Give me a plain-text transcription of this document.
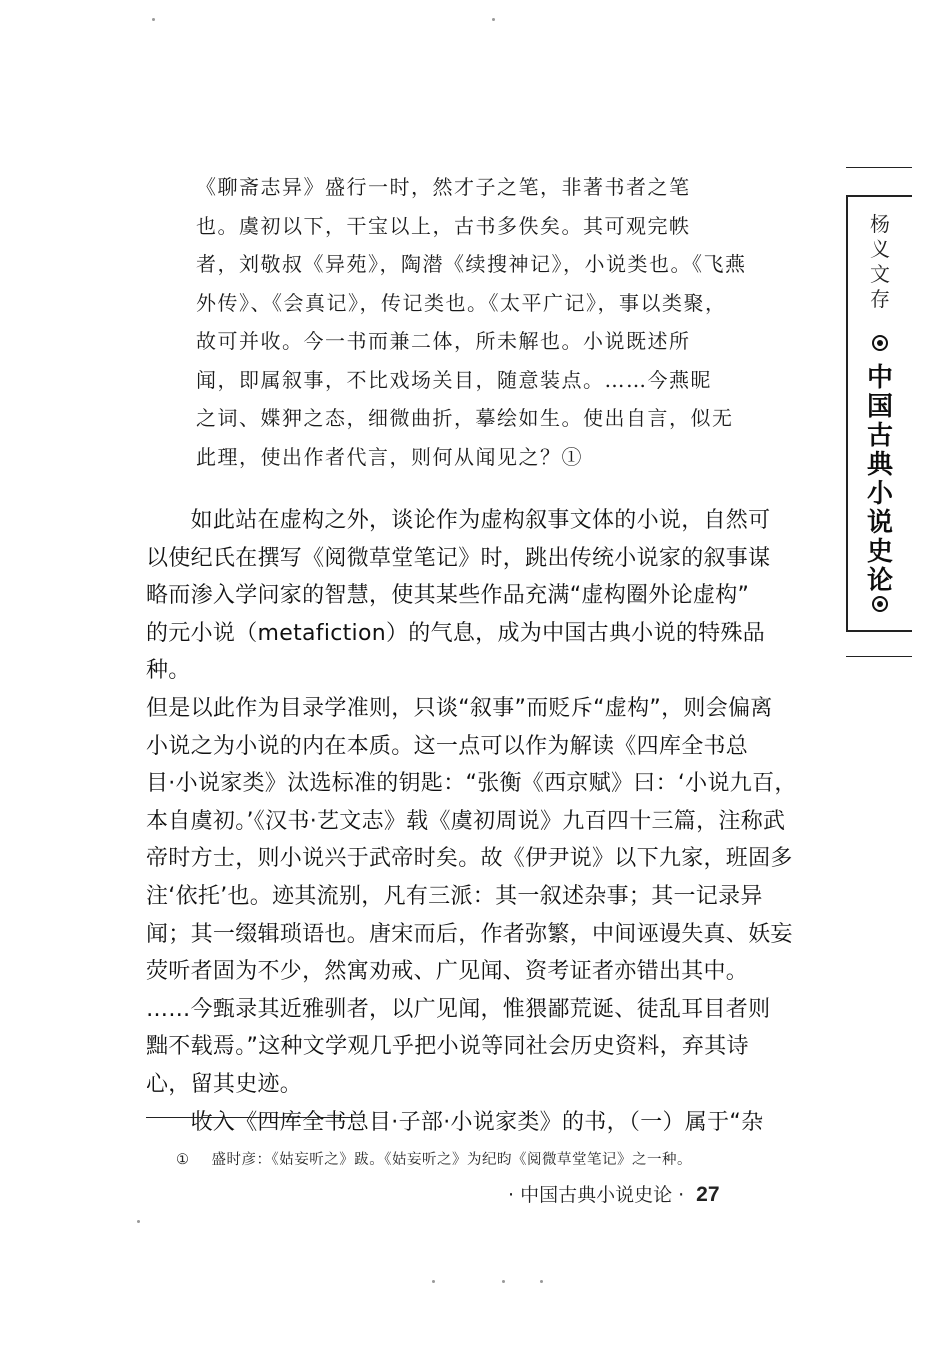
《聊斋志异》盛行一时，然才子之笔，非著书者之笔
也。虞初以下，干宝以上，古书多佚矣。其可观完帙
者，刘敬叔《异苑》，陶潜《续搜神记》，小说类也。《飞燕
外传》、《会真记》，传记类也。《太平广记》，事以类聚，
故可并收。今一书而兼二体，所未解也。小说既述所
闻，即属叙事，不比戏场关目，随意装点。……今燕昵
之词、媟狎之态，细微曲折，摹绘如生。使出自言，似无
此理，使出作者代言，则何从闻见之？①

　　如此站在虚构之外，谈论作为虚构叙事文体的小说，自然可
以使纪氏在撰写《阅微草堂笔记》时，跳出传统小说家的叙事谋
略而渗入学问家的智慧，使其某些作品充满“虚构圈外论虚构”
的元小说（metafiction）的气息，成为中国古典小说的特殊品种。
但是以此作为目录学准则，只谈“叙事”而贬斥“虚构”，则会偏离
小说之为小说的内在本质。这一点可以作为解读《四库全书总
目·小说家类》汰选标准的钥匙：“张衡《西京赋》曰：‘小说九百，
本自虞初。’《汉书·艺文志》载《虞初周说》九百四十三篇，注称武
帝时方士，则小说兴于武帝时矣。故《伊尹说》以下九家，班固多
注‘依托’也。迹其流别，凡有三派：其一叙述杂事；其一记录异
闻；其一缀辑琐语也。唐宋而后，作者弥繁，中间诬谩失真、妖妄
荧听者固为不少，然寓劝戒、广见闻、资考证者亦错出其中。
……今甄录其近雅驯者，以广见闻，惟猥鄙荒诞、徒乱耳目者则
黜不载焉。”这种文学观几乎把小说等同社会历史资料，弃其诗
心，留其史迹。

　　收入《四库全书总目·子部·小说家类》的书，（一）属于“杂

① 盛时彦：《姑妄听之》跋。《姑妄听之》为纪昀《阅微草堂笔记》之一种。
· 中国古典小说史论 · 27
杨
义
文
存
中
国
古
典
小
说
史
论
